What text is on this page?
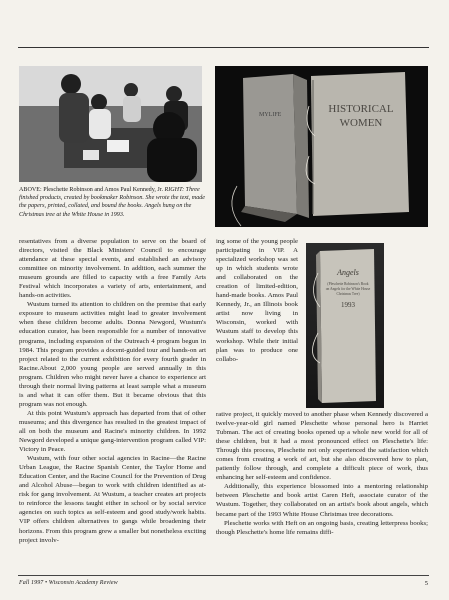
ABOVE: Pleschette Robinson and Amos Paul Kennedy, Jr. RIGHT: Three finished products, created by bookmaker Robinson. She wrote the text, made the papers, printed, collated, and bound the books. Angels hung on the Christmas tree at the White House in 1993.
HISTORICAL
WOMEN
MYLIFE
Angels
(Pleschette Robinson's Book
on Angels for the White House
Christmas Tree)
1993

resentatives from a diverse population to serve on the board of directors, visited the Black Ministers' Council to encourage attendance at these special events, and established an advisory committee on minority involvement. In addition, each summer the museum grounds are filled to capacity with a free Family Arts Festival which incorporates a variety of arts, entertainment, and hands-on activities.

Wustum turned its attention to children on the premise that early exposure to museum activities might lead to greater involvement when these children become adults. Donna Newgord, Wustum's education curator, has been responsible for a number of innovative programs, including expansion of the Outreach 4 program begun in 1984. This program provides a docent-guided tour and hands-on art project related to the current exhibition for every fourth grader in Racine.About 2,000 young people are served annually in this program. Children who might never have a chance to experience art through their normal living patterns at least sample what a museum is and what it can offer them. But it became obvious that this program was not enough.

At this point Wustum's approach has departed from that of other museums; and this divergence has resulted in the greatest impact of all on both the museum and Racine's minority children. In 1992 Newgord developed a unique gang-intervention program called VIP: Victory in Peace.

Wustum, with four other social agencies in Racine—the Racine Urban League, the Racine Spanish Center, the Taylor Home and Education Center, and the Racine Council for the Prevention of Drug and Alcohol Abuse—began to work with children identified as at-risk for gang involvement. At Wustum, a teacher creates art projects to reinforce the lessons taught either in school or by social service agencies on such topics as self-esteem and good study/work habits. VIP offers children alternatives to gangs while broadening their horizons. From this program grew a smaller but nonetheless exciting project involv-

ing some of the young people participating in VIP. A specialized workshop was set up in which students wrote and collaborated on the creation of limited-edition, hand-made books. Amos Paul Kennedy, Jr., an Illinois book artist now living in Wisconsin, worked with Wustum staff to develop this workshop. While their initial plan was to produce one collabo-

rative project, it quickly moved to another phase when Kennedy discovered a twelve-year-old girl named Pleschette whose personal hero is Harriet Tubman. The act of creating books opened up a whole new world for all of these children, but it had a most pronounced effect on Pleschette's life: Through this process, Pleschette not only experienced the satisfaction which comes from creating a work of art, but she also discovered how to plan, patiently follow through, and complete a difficult piece of work, thus enhancing her self-esteem and confidence.

Additionally, this experience blossomed into a mentoring relationship between Pleschette and book artist Caren Heft, associate curator of the Wustum. Together, they collaborated on an artist's book about angels, which became part of the 1993 White House Christmas tree decorations.

Pleschette works with Heft on an ongoing basis, creating letterpress books; though Pleschette's home life remains diffi-

Fall 1997 • Wisconsin Academy Review	5
